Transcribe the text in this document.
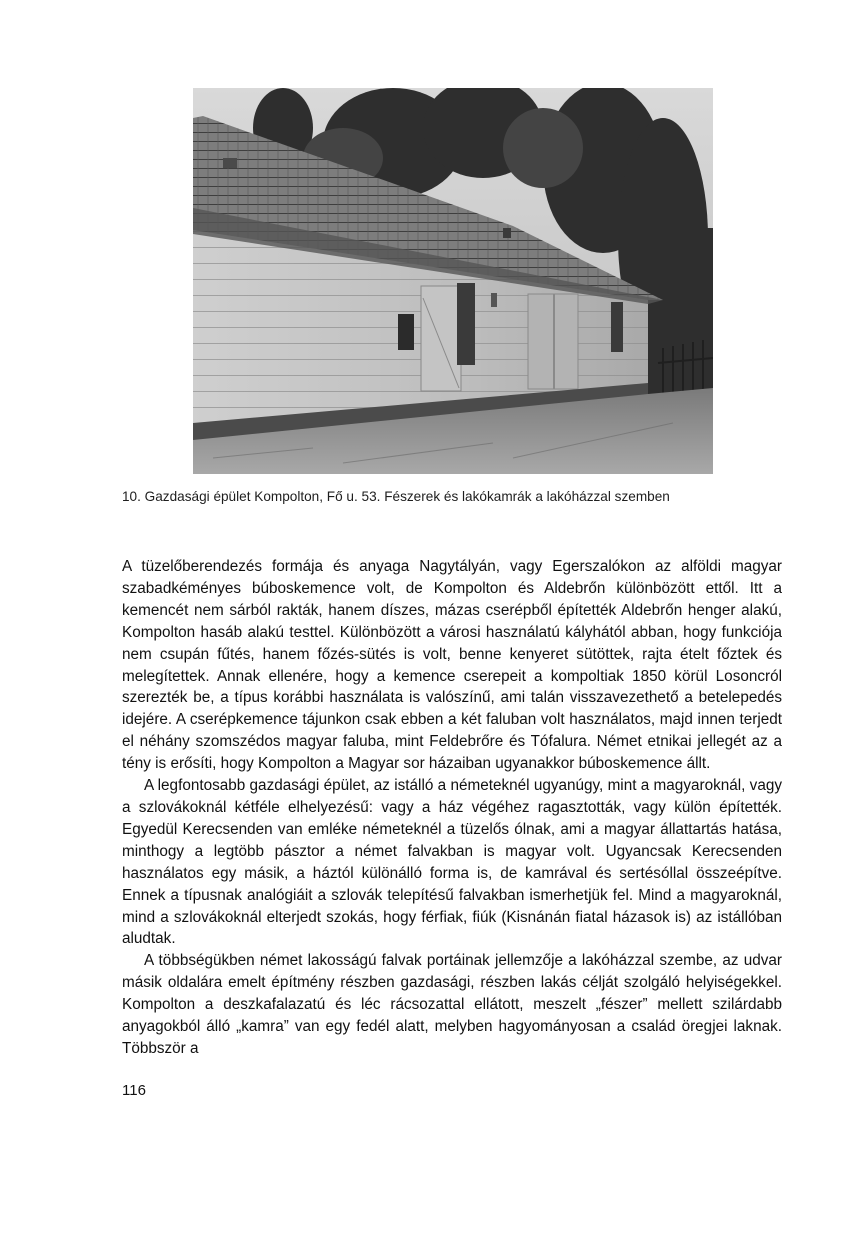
10. Gazdasági épület Kompolton, Fő u. 53. Fészerek és lakókamrák a lakóházzal szemben

A tüzelőberendezés formája és anyaga Nagytályán, vagy Egerszalókon az alföldi magyar szabadkéményes búboskemence volt, de Kompolton és Aldebrőn különbözött ettől. Itt a kemencét nem sárból rakták, hanem díszes, mázas cserépből építették Aldebrőn henger alakú, Kompolton hasáb alakú testtel. Különbözött a városi használatú kályhától abban, hogy funkciója nem csupán fűtés, hanem főzés-sütés is volt, benne kenyeret sütöttek, rajta ételt főztek és melegítettek. Annak ellenére, hogy a kemence cserepeit a kompoltiak 1850 körül Losoncról szerezték be, a típus korábbi használata is valószínű, ami talán visszavezethető a betelepedés idejére. A cserépkemence tájunkon csak ebben a két faluban volt használatos, majd innen terjedt el néhány szomszédos magyar faluba, mint Feldebrőre és Tófalura. Német etnikai jellegét az a tény is erősíti, hogy Kompolton a Magyar sor házaiban ugyanakkor búboskemence állt.

A legfontosabb gazdasági épület, az istálló a németeknél ugyanúgy, mint a magyaroknál, vagy a szlovákoknál kétféle elhelyezésű: vagy a ház végéhez ragasztották, vagy külön építették. Egyedül Kerecsenden van emléke németeknél a tüzelős ólnak, ami a magyar állattartás hatása, minthogy a legtöbb pásztor a német falvakban is magyar volt. Ugyancsak Kerecsenden használatos egy másik, a háztól különálló forma is, de kamrával és sertésóllal összeépítve. Ennek a típusnak analógiáit a szlovák telepítésű falvakban ismerhetjük fel. Mind a magyaroknál, mind a szlovákoknál elterjedt szokás, hogy férfiak, fiúk (Kisnánán fiatal házasok is) az istállóban aludtak.

A többségükben német lakosságú falvak portáinak jellemzője a lakóházzal szembe, az udvar másik oldalára emelt építmény részben gazdasági, részben lakás célját szolgáló helyiségekkel. Kompolton a deszkafalazatú és léc rácsozattal ellátott, meszelt „fészer” mellett szilárdabb anyagokból álló „kamra” van egy fedél alatt, melyben hagyományosan a család öregjei laknak. Többször a

116
